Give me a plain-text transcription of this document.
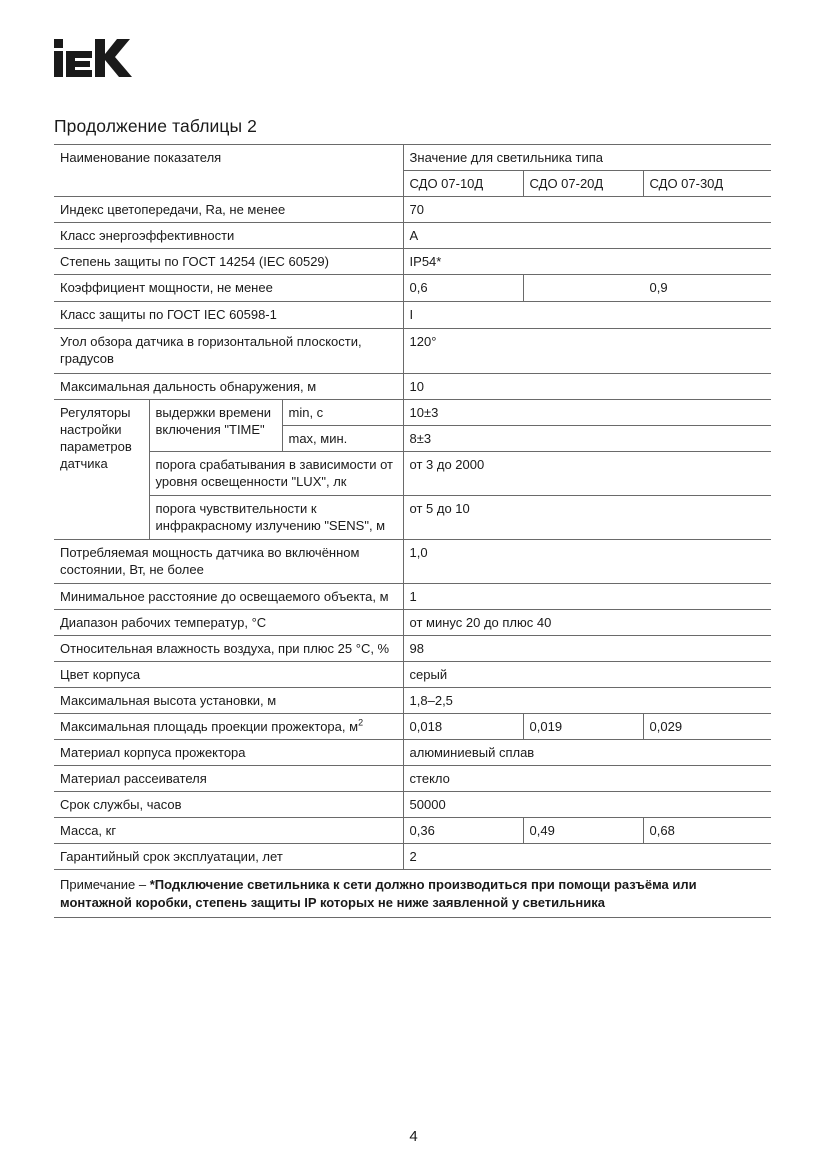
Продолжение таблицы 2
Наименование показателя			Значение для светильника типа		
			СДО 07-10Д	СДО 07-20Д	СДО 07-30Д
Индекс цветопередачи, Ra, не менее			70		
Класс энергоэффективности			A		
Степень защиты по ГОСТ 14254 (IEC 60529)			IP54*		
Коэффициент мощности, не менее			0,6	0,9	
Класс защиты по ГОСТ IEC 60598-1			I		
Угол обзора датчика в горизонтальной плоскости, градусов			120°		
Максимальная дальность обнаружения, м			10		
Регуляторы настройки параметров датчика	выдержки времени включения "TIME"	min, с	10±3		
		max, мин.	8±3		
	порога срабатывания в зависимости от уровня освещенности "LUX", лк		от 3 до 2000		
	порога чувствительности к инфракрасному излучению "SENS", м		от 5 до 10		
Потребляемая мощность датчика во включённом состоянии, Вт, не более			1,0		
Минимальное расстояние до освещаемого объекта, м			1		
Диапазон рабочих температур, °С			от минус 20 до плюс 40		
Относительная влажность воздуха, при плюс 25 °С, %			98		
Цвет корпуса			серый		
Максимальная высота установки, м			1,8–2,5		
Максимальная площадь проекции прожектора, $м^2$			0,018	0,019	0,029
Материал корпуса прожектора			алюминиевый сплав		
Материал рассеивателя			стекло		
Срок службы, часов			50000		
Масса, кг			0,36	0,49	0,68
Гарантийный срок эксплуатации, лет			2		
Примечание – *Подключение светильника к сети должно производиться при помощи разъёма или монтажной коробки, степень защиты IP которых не ниже заявленной у светильника					
4
